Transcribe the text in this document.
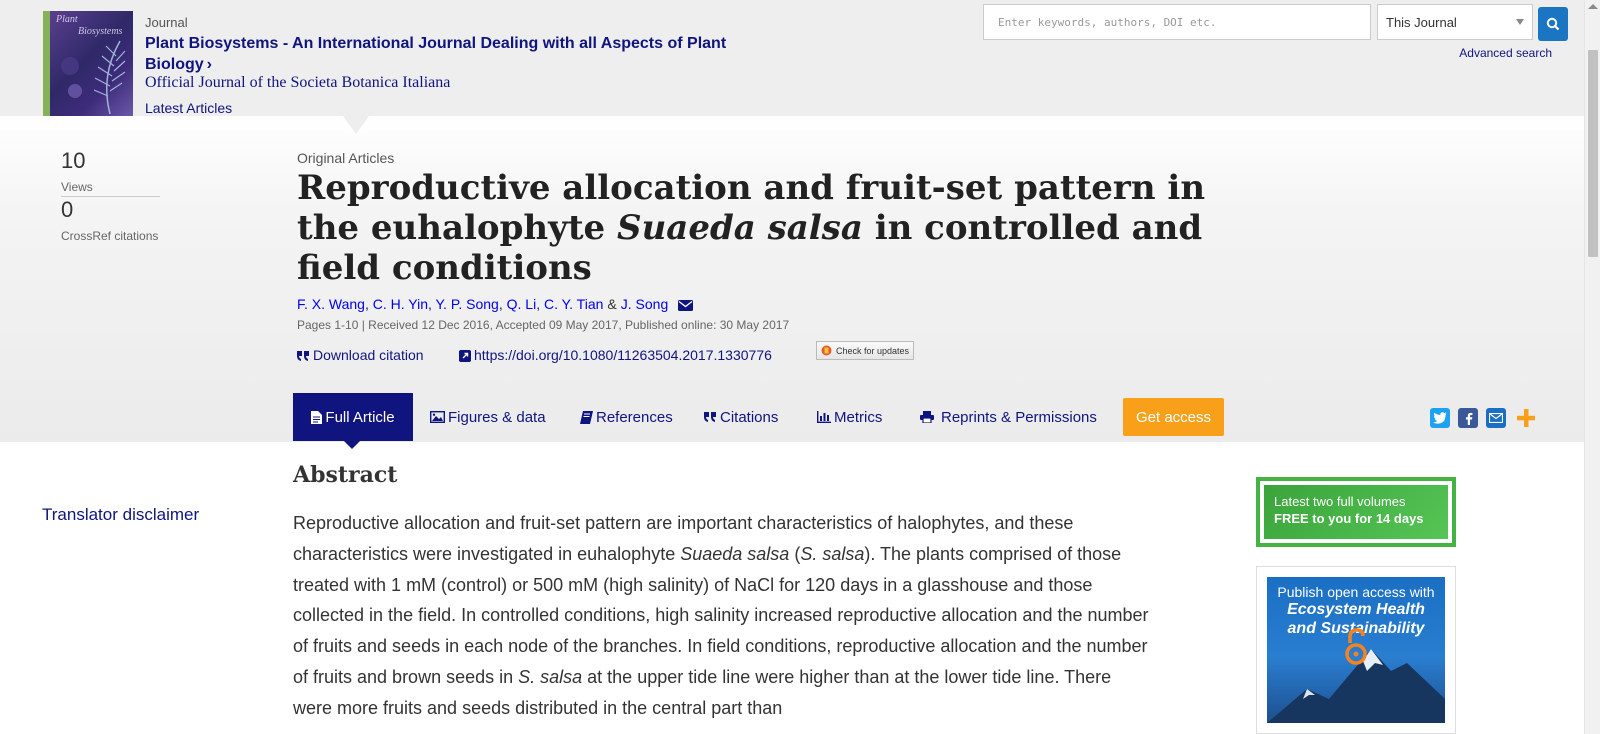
Plant
Biosystems
Journal
Plant Biosystems - An International Journal Dealing with all Aspects of Plant Biology ›
Official Journal of the Societa Botanica Italiana
Latest Articles
Enter keywords, authors, DOI etc.
This Journal
Advanced search
10
Views
0
CrossRef citations
Original Articles
Reproductive allocation and fruit-set pattern in the euhalophyte Suaeda salsa in controlled and field conditions
F. X. Wang, C. H. Yin, Y. P. Song, Q. Li, C. Y. Tian & J. Song
Pages 1-10 | Received 12 Dec 2016, Accepted 09 May 2017, Published online: 30 May 2017
Download citation	https://doi.org/10.1080/11263504.2017.1330776	Check for updates
Full Article	Figures & data	References	Citations	Metrics	Reprints & Permissions	Get access
Abstract
Translator disclaimer	Reproductive allocation and fruit-set pattern are important characteristics of halophytes, and these characteristics were investigated in euhalophyte Suaeda salsa (S. salsa). The plants comprised of those treated with 1 mM (control) or 500 mM (high salinity) of NaCl for 120 days in a glasshouse and those collected in the field. In controlled conditions, high salinity increased reproductive allocation and the number of fruits and seeds in each node of the branches. In field conditions, reproductive allocation and the number of fruits and brown seeds in S. salsa at the upper tide line were higher than at the lower tide line. There were more fruits and seeds distributed in the central part than

Latest two full volumes
FREE to you for 14 days
Publish open access with
Ecosystem Health
and Sustainability
